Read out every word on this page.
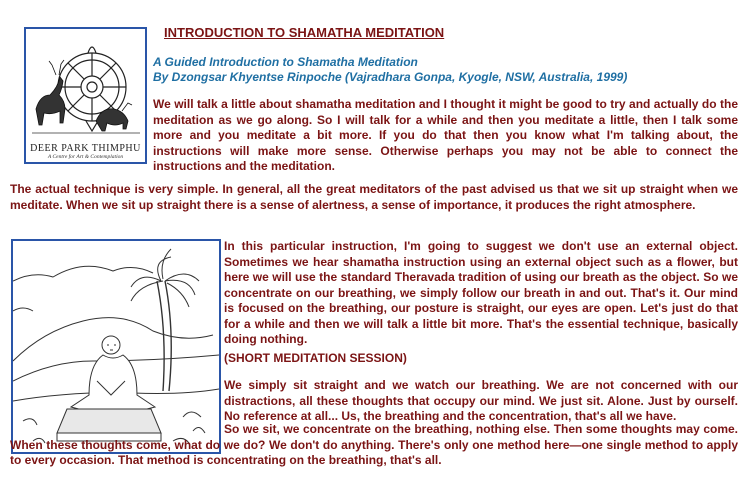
INTRODUCTION TO SHAMATHA MEDITATION
DEER PARK THIMPHU
A Centre for Art & Contemplation
A Guided Introduction to Shamatha Meditation
By Dzongsar Khyentse Rinpoche (Vajradhara Gonpa, Kyogle, NSW, Australia, 1999)

We will talk a little about shamatha meditation and I thought it might be good to try and actually do the meditation as we go along. So I will talk for a while and then you meditate a little, then I talk some more and you meditate a bit more. If you do that then you know what I'm talking about, the instructions will make more sense. Otherwise perhaps you may not be able to connect the instructions and the meditation.

The actual technique is very simple. In general, all the great meditators of the past advised us that we sit up straight when we meditate. When we sit up straight there is a sense of alertness, a sense of importance, it produces the right atmosphere.

In this particular instruction, I'm going to suggest we don't use an external object. Sometimes we hear shamatha instruction using an external object such as a flower, but here we will use the standard Theravada tradition of using our breath as the object. So we concentrate on our breathing, we simply follow our breath in and out. That's it. Our mind is focused on the breathing, our posture is straight, our eyes are open. Let's just do that for a while and then we will talk a little bit more. That's the essential technique, basically doing nothing.

(SHORT MEDITATION SESSION)

We simply sit straight and we watch our breathing. We are not concerned with our distractions, all these thoughts that occupy our mind. We just sit. Alone. Just by ourself. No reference at all... Us, the breathing and the concentration, that's all we have.

So we sit, we concentrate on the breathing, nothing else. Then some thoughts may come. When these thoughts come, what do we do? We don't do anything. There's only one method here—one single method to apply to every occasion. That method is concentrating on the breathing, that's all.
